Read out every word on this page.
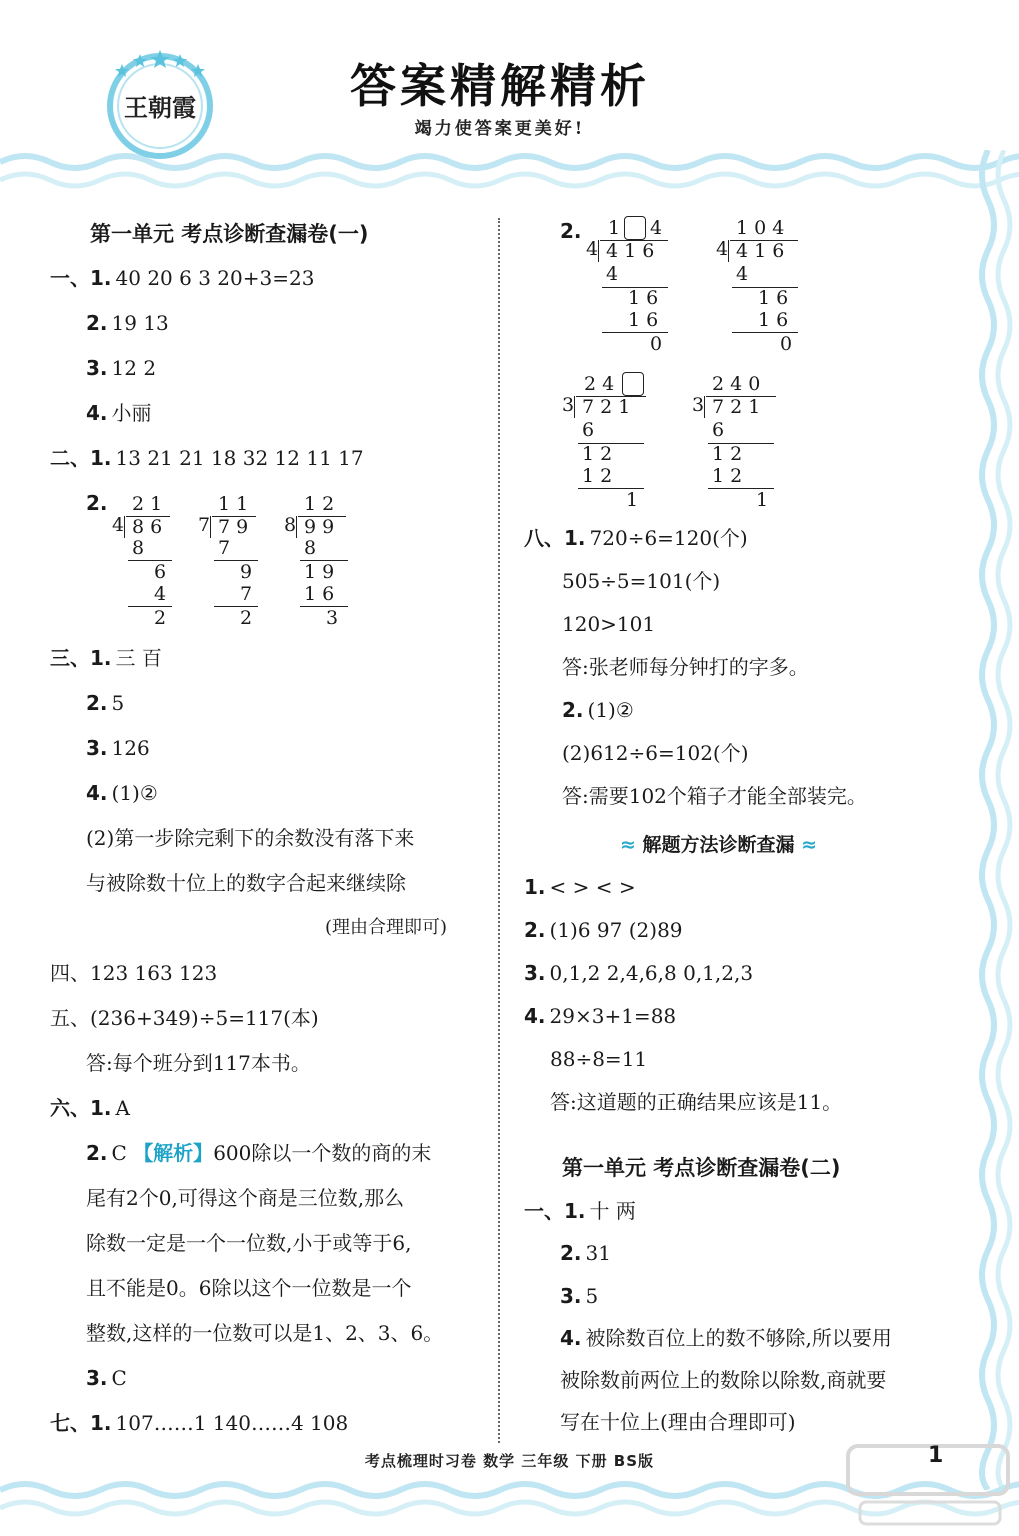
王朝霞	答案精解精析
竭力使答案更美好!
第一单元 考点诊断查漏卷(一)
一、1. 40 20 6 3 20+3=23
2. 19 13
3. 12 2
4. 小丽
二、1. 13 21 21 18 32 12 11 17
2. 2 1
4 8 6
8
6
4
2
1 1
7 7 9
7
9
7
2
1 2
8 9 9
8
1 9
1 6
3
三、1. 三 百
2. 5
3. 126
4. (1)②
(2)第一步除完剩下的余数没有落下来
与被除数十位上的数字合起来继续除
(理由合理即可)
四、123 163 123
五、(236+349)÷5=117(本)
答:每个班分到117本书。
六、1. A
2. C 【解析】600除以一个数的商的末
尾有2个0,可得这个商是三位数,那么
除数一定是一个一位数,小于或等于6,
且不能是0。6除以这个一位数是一个
整数,这样的一位数可以是1、2、3、6。
3. C
七、1. 107……1 140……4 108
2. 1 4
4 4 1 6
4
1 6
1 6
0
1 0 4
4 4 1 6
4
1 6
1 6
0
2 4
3 7 2 1
6
1 2
1 2
1
2 4 0
3 7 2 1
6
1 2
1 2
1
八、1. 720÷6=120(个)
505÷5=101(个)
120>101
答:张老师每分钟打的字多。
2. (1)②
(2)612÷6=102(个)
答:需要102个箱子才能全部装完。
≈ 解题方法诊断查漏 ≈
1. < > < >
2. (1)6 97 (2)89
3. 0,1,2 2,4,6,8 0,1,2,3
4. 29×3+1=88
88÷8=11
答:这道题的正确结果应该是11。
第一单元 考点诊断查漏卷(二)
一、1. 十 两
2. 31
3. 5
4. 被除数百位上的数不够除,所以要用
被除数前两位上的数除以除数,商就要
写在十位上(理由合理即可)
考点梳理时习卷 数学 三年级 下册 BS版	1
